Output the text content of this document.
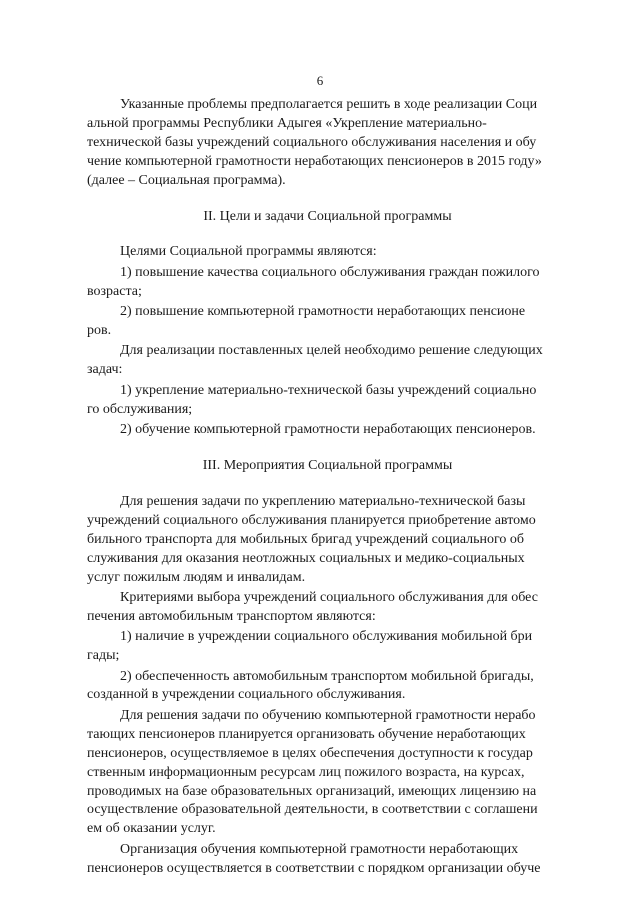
6

Указанные проблемы предполагается решить в ходе реализации Соци
альной программы Республики Адыгея «Укрепление материально-
технической базы учреждений социального обслуживания населения и обу
чение компьютерной грамотности неработающих пенсионеров в 2015 году»
(далее – Социальная программа).

II. Цели и задачи Социальной программы

Целями Социальной программы являются:

1) повышение качества социального обслуживания граждан пожилого
возраста;

2) повышение компьютерной грамотности неработающих пенсионе
ров.

Для реализации поставленных целей необходимо решение следующих
задач:

1) укрепление материально-технической базы учреждений социально
го обслуживания;

2) обучение компьютерной грамотности неработающих пенсионеров.

III. Мероприятия Социальной программы

Для решения задачи по укреплению материально-технической базы
учреждений социального обслуживания планируется приобретение автомо
бильного транспорта для мобильных бригад учреждений социального об
служивания для оказания неотложных социальных и медико-социальных
услуг пожилым людям и инвалидам.

Критериями выбора учреждений социального обслуживания для обес
печения автомобильным транспортом являются:

1) наличие в учреждении социального обслуживания мобильной бри
гады;

2) обеспеченность автомобильным транспортом мобильной бригады,
созданной в учреждении социального обслуживания.

Для решения задачи по обучению компьютерной грамотности нерабо
тающих пенсионеров планируется организовать обучение неработающих
пенсионеров, осуществляемое в целях обеспечения доступности к государ
ственным информационным ресурсам лиц пожилого возраста, на курсах,
проводимых на базе образовательных организаций, имеющих лицензию на
осуществление образовательной деятельности, в соответствии с соглашени
ем об оказании услуг.

Организация обучения компьютерной грамотности неработающих
пенсионеров осуществляется в соответствии с порядком организации обуче
